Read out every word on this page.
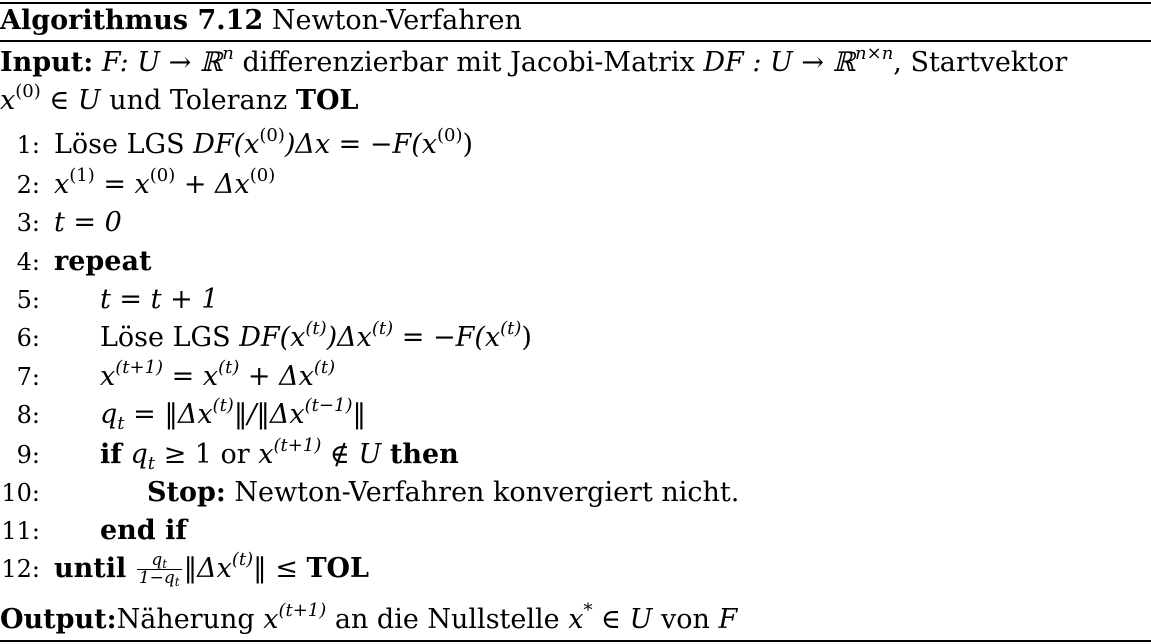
Algorithmus 7.12 Newton-Verfahren
Input: F: U → ℝ$^n$ differenzierbar mit Jacobi-Matrix DF : U → ℝ$^{n\times n}$, Startvektor
$x^{(0)}$ ∈ U und Toleranz TOL
1: Löse LGS $DF(x^{(0)})\Delta x = -F(x^{(0)})$
2: $x^{(1)} = x^{(0)} + \Delta x^{(0)}$
3: t = 0
4: repeat
5: t = t + 1
6: Löse LGS $DF(x^{(t)})\Delta x^{(t)} = -F(x^{(t)})$
7: $x^{(t+1)} = x^{(t)} + \Delta x^{(t)}$
8: $q_t$ = $‖\Delta x^{(t)}‖/‖\Delta x^{(t-1)}‖$
9: if $q_t \ge 1$ or $x^{(t+1)}$ ∉ U then
10:	Stop: Newton-Verfahren konvergiert nicht.
11: end if
12: until $\frac{q_t}{1-q_t}$ $‖\Delta x^{(t)}‖$ ≤ TOL
Output:Näherung $x^{(t+1)}$ an die Nullstelle x* ∈ U von F
